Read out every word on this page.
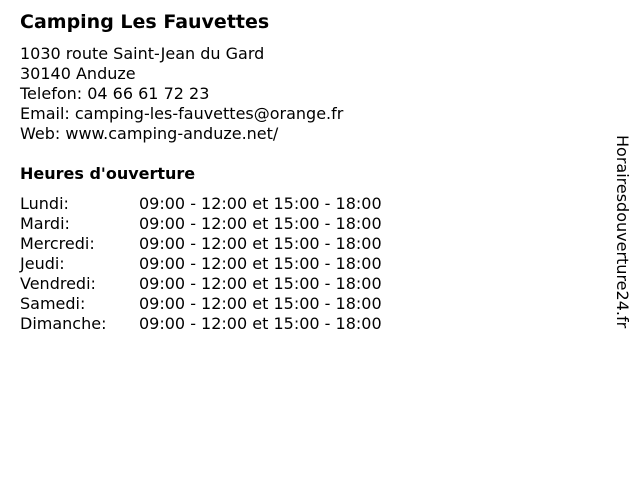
Camping Les Fauvettes
1030 route Saint-Jean du Gard
30140 Anduze
Telefon: 04 66 61 72 23
Email: camping-les-fauvettes@orange.fr
Web: www.camping-anduze.net/
Heures d'ouverture
Lundi:	09:00 - 12:00 et 15:00 - 18:00
Mardi:	09:00 - 12:00 et 15:00 - 18:00
Mercredi:	09:00 - 12:00 et 15:00 - 18:00
Jeudi:	09:00 - 12:00 et 15:00 - 18:00
Vendredi:	09:00 - 12:00 et 15:00 - 18:00
Samedi:	09:00 - 12:00 et 15:00 - 18:00
Dimanche:	09:00 - 12:00 et 15:00 - 18:00	Horairesdouverture24.fr
